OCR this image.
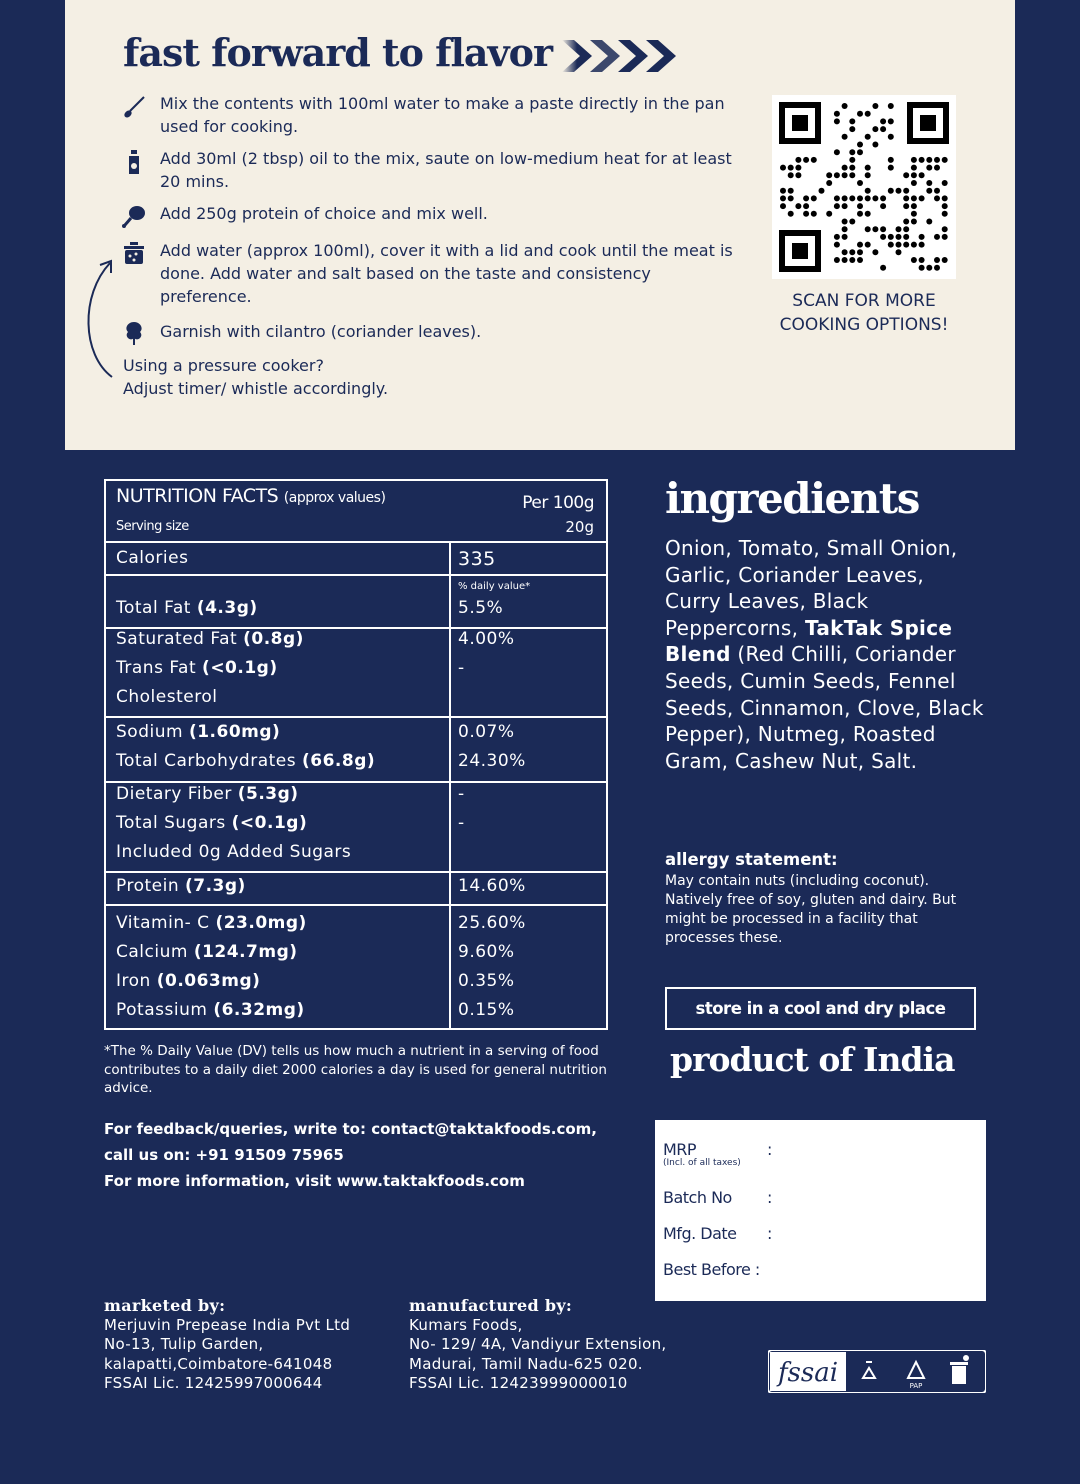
fast forward to flavor
Mix the contents with 100ml water to make a paste directly in the pan used for cooking.
Add 30ml (2 tbsp) oil to the mix, saute on low-medium heat for at least 20 mins.
Add 250g protein of choice and mix well.
Add water (approx 100ml), cover it with a lid and cook until the meat is done. Add water and salt based on the taste and consistency preference.
Garnish with cilantro (coriander leaves).
Using a pressure cooker?
Adjust timer/ whistle accordingly.
SCAN FOR MORE COOKING OPTIONS!
NUTRITION FACTS (approx values)
Serving size
Per 100g
20g
Calories	335
% daily value*
Total Fat (4.3g)	5.5%
Saturated Fat (0.8g)	4.00%
Trans Fat (<0.1g)	-
Cholesterol
Sodium (1.60mg)	0.07%
Total Carbohydrates (66.8g)	24.30%
Dietary Fiber (5.3g)	-
Total Sugars (<0.1g)	-
Included 0g Added Sugars
Protein (7.3g)	14.60%
Vitamin- C (23.0mg)	25.60%
Calcium (124.7mg)	9.60%
Iron (0.063mg)	0.35%
Potassium (6.32mg)	0.15%
*The % Daily Value (DV) tells us how much a nutrient in a serving of food contributes to a daily diet 2000 calories a day is used for general nutrition advice.
For feedback/queries, write to: contact@taktakfoods.com,
call us on: +91 91509 75965
For more information, visit www.taktakfoods.com
ingredients
Onion, Tomato, Small Onion, Garlic, Coriander Leaves, Curry Leaves, Black Peppercorns, TakTak Spice Blend (Red Chilli, Coriander Seeds, Cumin Seeds, Fennel Seeds, Cinnamon, Clove, Black Pepper), Nutmeg, Roasted Gram, Cashew Nut, Salt.
allergy statement:
May contain nuts (including coconut). Natively free of soy, gluten and dairy. But might be processed in a facility that processes these.
store in a cool and dry place
product of India
MRP
(Incl. of all taxes)
:
Batch No :
Mfg. Date :
Best Before :
marketed by:
Merjuvin Prepease India Pvt Ltd
No-13, Tulip Garden,
kalapatti,Coimbatore-641048
FSSAI Lic. 12425997000644
manufactured by:
Kumars Foods,
No- 129/ 4A, Vandiyur Extension,
Madurai, Tamil Nadu-625 020.
FSSAI Lic. 12423999000010	fssai	PAP
